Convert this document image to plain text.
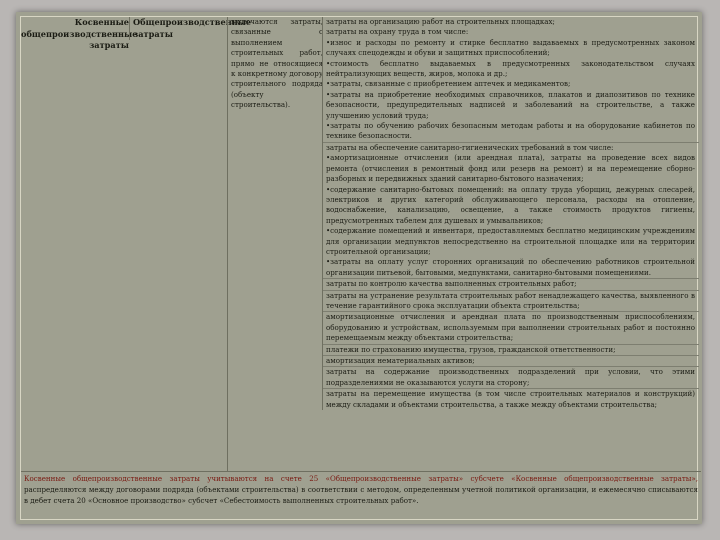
Косвенные общепроизводственные затраты
Общепроизводственные затраты
включаются затраты, связанные с выполнением строительных работ, прямо не относящиеся к конкретному договору строительного подряда (объекту строительства).
затраты на организацию работ на строительных площадках;
затраты на охрану труда в том числе:
•износ и расходы по ремонту и стирке бесплатно выдаваемых в предусмотренных законом случаях спецодежды и обуви и защитных приспособлений;
•стоимость бесплатно выдаваемых в предусмотренных законодательством случаях нейтрализующих веществ, жиров, молока и др.;
•затраты, связанные с приобретением аптечек и медикаментов;
•затраты на приобретение необходимых справочников, плакатов и диапозитивов по технике безопасности, предупредительных надписей и заболеваний на строительстве, а также улучшению условий труда;
•затраты по обучению рабочих безопасным методам работы и на оборудование кабинетов по технике безопасности.
затраты на обеспечение санитарно-гигиенических требований в том числе:
•амортизационные отчисления (или арендная плата), затраты на проведение всех видов ремонта (отчисления в ремонтный фонд или резерв на ремонт) и на перемещение сборно-разборных и передвижных зданий санитарно-бытового назначения;
•содержание санитарно-бытовых помещений: на оплату труда уборщиц, дежурных слесарей, электриков и других категорий обслуживающего персонала, расходы на отопление, водоснабжение, канализацию, освещение, а также стоимость продуктов гигиены, предусмотренных табелем для душевых и умывальников;
•содержание помещений и инвентаря, предоставляемых бесплатно медицинским учреждениям для организации медпунктов непосредственно на строительной площадке или на территории строительной организации;
•затраты на оплату услуг сторонних организаций по обеспечению работников строительной организации питьевой, бытовыми, медпунктами, санитарно-бытовыми помещениями.
затраты по контролю качества выполненных строительных работ;
затраты на устранение результата строительных работ ненадлежащего качества, выявленного в течение гарантийного срока эксплуатации объекта строительства;
амортизационные отчисления и арендная плата по производственным приспособлениям, оборудованию и устройствам, используемым при выполнении строительных работ и постоянно перемещаемым между объектами строительства;
платежи по страхованию имущества, грузов, гражданской ответственности;
амортизация нематериальных активов;
затраты на содержание производственных подразделений при условии, что этими подразделениями не оказываются услуги на сторону;
затраты на перемещение имущества (в том числе строительных материалов и конструкций) между складами и объектами строительства, а также между объектами строительства;
Косвенные общепроизводственные затраты учитываются на счете 25 «Общепроизводственные затраты» субсчете «Косвенные общепроизводственные затраты», распределяются между договорами подряда (объектами строительства) в соответствии с методом, определенным учетной политикой организации, и ежемесячно списываются в дебет счета 20 «Основное производство» субсчет «Себестоимость выполненных строительных работ».
